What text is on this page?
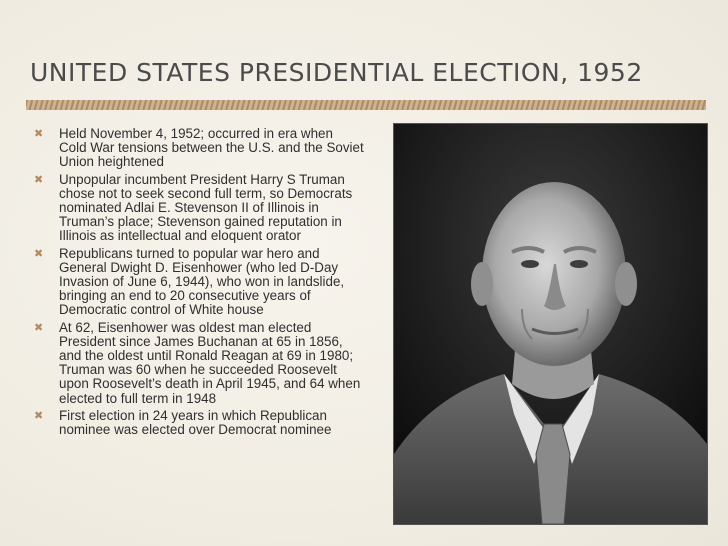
UNITED STATES PRESIDENTIAL ELECTION, 1952
✖ Held November 4, 1952; occurred in era when Cold War tensions between the U.S. and the Soviet Union heightened
✖ Unpopular incumbent President Harry S Truman chose not to seek second full term, so Democrats nominated Adlai E. Stevenson II of Illinois in Truman’s place; Stevenson gained reputation in Illinois as intellectual and eloquent orator
✖ Republicans turned to popular war hero and General Dwight D. Eisenhower (who led D-Day Invasion of June 6, 1944), who won in landslide, bringing an end to 20 consecutive years of Democratic control of White house
✖ At 62, Eisenhower was oldest man elected President since James Buchanan at 65 in 1856, and the oldest until Ronald Reagan at 69 in 1980; Truman was 60 when he succeeded Roosevelt upon Roosevelt’s death in April 1945, and 64 when elected to full term in 1948
✖ First election in 24 years in which Republican nominee was elected over Democrat nominee
